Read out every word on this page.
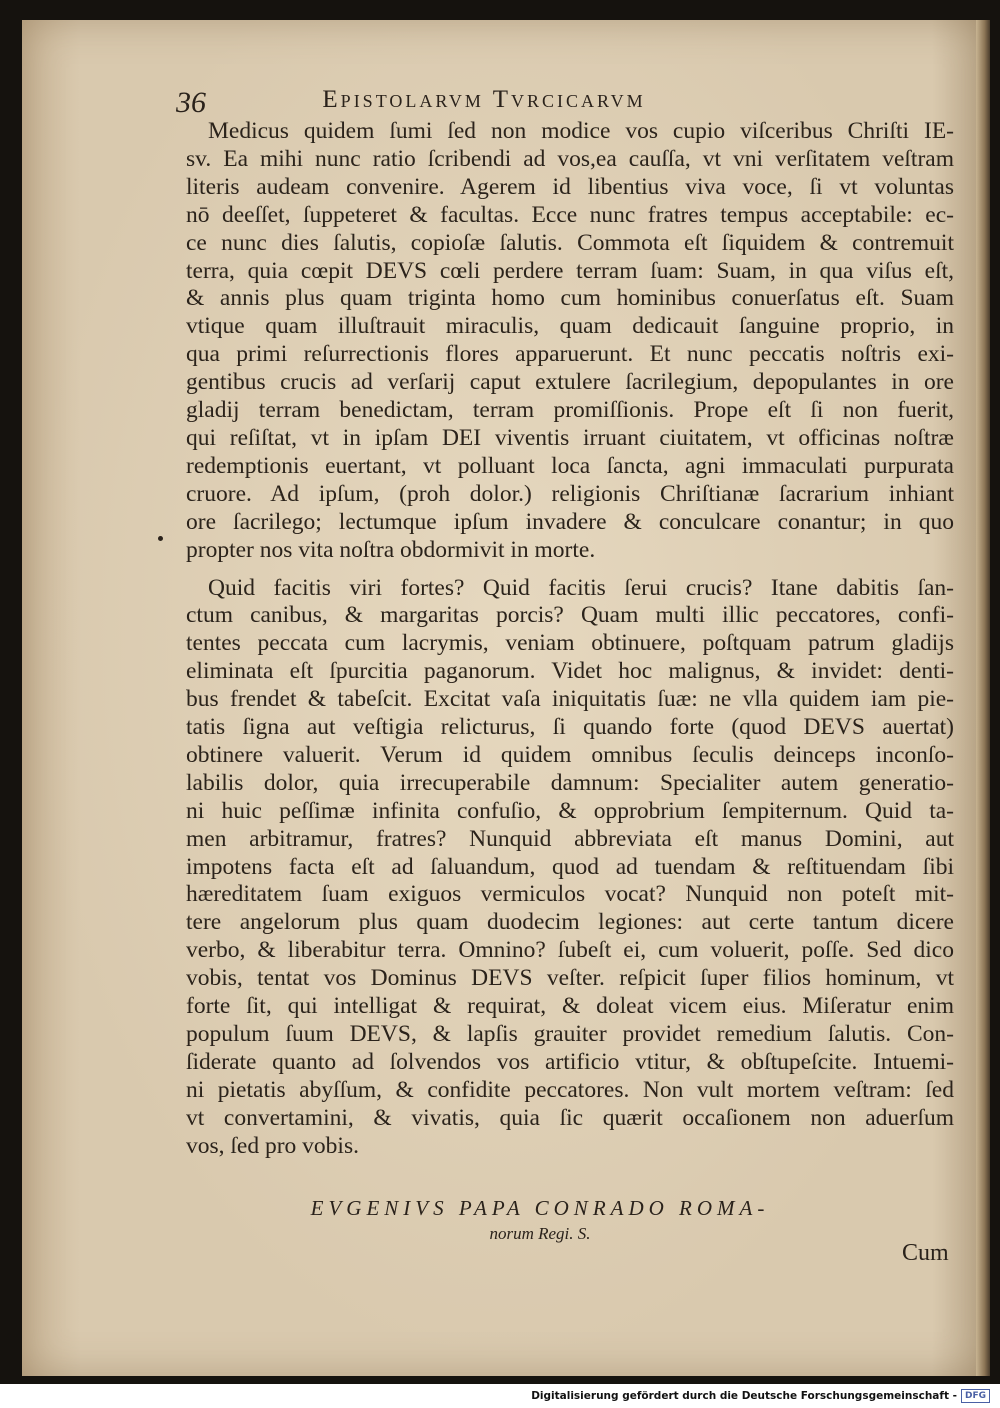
36	Epistolarvm Tvrcicarvm

Medicus quidem ſumi ſed non modice vos cupio viſceribus Chriſti IE-
sv. Ea mihi nunc ratio ſcribendi ad vos,ea cauſſa, vt vni verſitatem veſtram
literis audeam convenire. Agerem id libentius viva voce, ſi vt voluntas
nō deeſſet, ſuppeteret & facultas. Ecce nunc fratres tempus acceptabile: ec-
ce nunc dies ſalutis, copioſæ ſalutis. Commota eſt ſiquidem & contremuit
terra, quia cœpit DEVS cœli perdere terram ſuam: Suam, in qua viſus eſt,
& annis plus quam triginta homo cum hominibus conuerſatus eſt. Suam
vtique quam illuſtrauit miraculis, quam dedicauit ſanguine proprio, in
qua primi reſurrectionis flores apparuerunt. Et nunc peccatis noſtris exi-
gentibus crucis ad verſarij caput extulere ſacrilegium, depopulantes in ore
gladij terram benedictam, terram promiſſionis. Prope eſt ſi non fuerit,
qui reſiſtat, vt in ipſam DEI viventis irruant ciuitatem, vt officinas noſtræ
redemptionis euertant, vt polluant loca ſancta, agni immaculati purpurata
cruore. Ad ipſum, (proh dolor.) religionis Chriſtianæ ſacrarium inhiant
ore ſacrilego; lectumque ipſum invadere & conculcare conantur; in quo
propter nos vita noſtra obdormivit in morte.

Quid facitis viri fortes? Quid facitis ſerui crucis? Itane dabitis ſan-
ctum canibus, & margaritas porcis? Quam multi illic peccatores, confi-
tentes peccata cum lacrymis, veniam obtinuere, poſtquam patrum gladijs
eliminata eſt ſpurcitia paganorum. Videt hoc malignus, & invidet: denti-
bus frendet & tabeſcit. Excitat vaſa iniquitatis ſuæ: ne vlla quidem iam pie-
tatis ſigna aut veſtigia relicturus, ſi quando forte (quod DEVS auertat)
obtinere valuerit. Verum id quidem omnibus ſeculis deinceps inconſo-
labilis dolor, quia irrecuperabile damnum: Specialiter autem generatio-
ni huic peſſimæ infinita confuſio, & opprobrium ſempiternum. Quid ta-
men arbitramur, fratres? Nunquid abbreviata eſt manus Domini, aut
impotens facta eſt ad ſaluandum, quod ad tuendam & reſtituendam ſibi
hæreditatem ſuam exiguos vermiculos vocat? Nunquid non poteſt mit-
tere angelorum plus quam duodecim legiones: aut certe tantum dicere
verbo, & liberabitur terra. Omnino? ſubeſt ei, cum voluerit, poſſe. Sed dico
vobis, tentat vos Dominus DEVS veſter. reſpicit ſuper filios hominum, vt
forte ſit, qui intelligat & requirat, & doleat vicem eius. Miſeratur enim
populum ſuum DEVS, & lapſis grauiter providet remedium ſalutis. Con-
ſiderate quanto ad ſolvendos vos artificio vtitur, & obſtupeſcite. Intuemi-
ni pietatis abyſſum, & confidite peccatores. Non vult mortem veſtram: ſed
vt convertamini, & vivatis, quia ſic quærit occaſionem non aduerſum
vos, ſed pro vobis.

EVGENIVS PAPA CONRADO ROMA-
norum Regi. S.
Cum
Digitalisierung gefördert durch die Deutsche Forschungsgemeinschaft - DFG
